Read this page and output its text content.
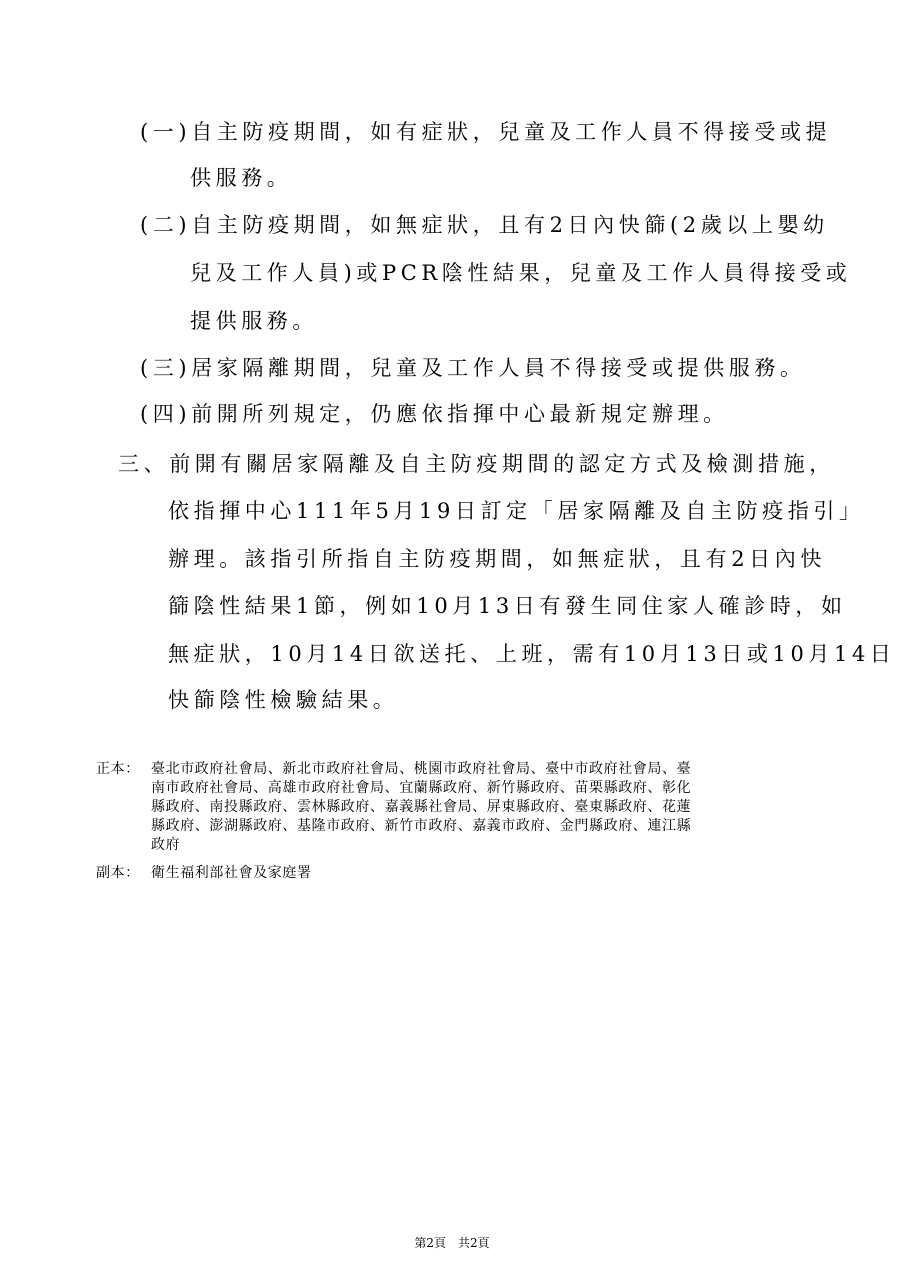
(一)自主防疫期間，如有症狀，兒童及工作人員不得接受或提
供服務。
(二)自主防疫期間，如無症狀，且有2日內快篩(2歲以上嬰幼
兒及工作人員)或PCR陰性結果，兒童及工作人員得接受或
提供服務。
(三)居家隔離期間，兒童及工作人員不得接受或提供服務。
(四)前開所列規定，仍應依指揮中心最新規定辦理。
三、前開有關居家隔離及自主防疫期間的認定方式及檢測措施，
依指揮中心111年5月19日訂定「居家隔離及自主防疫指引」
辦理。該指引所指自主防疫期間，如無症狀，且有2日內快
篩陰性結果1節，例如10月13日有發生同住家人確診時，如
無症狀，10月14日欲送托、上班，需有10月13日或10月14日
快篩陰性檢驗結果。
正本： 臺北市政府社會局、新北市政府社會局、桃園市政府社會局、臺中市政府社會局、臺
南市政府社會局、高雄市政府社會局、宜蘭縣政府、新竹縣政府、苗栗縣政府、彰化
縣政府、南投縣政府、雲林縣政府、嘉義縣社會局、屏東縣政府、臺東縣政府、花蓮
縣政府、澎湖縣政府、基隆市政府、新竹市政府、嘉義市政府、金門縣政府、連江縣
政府
副本： 衛生福利部社會及家庭署
第2頁 共2頁
